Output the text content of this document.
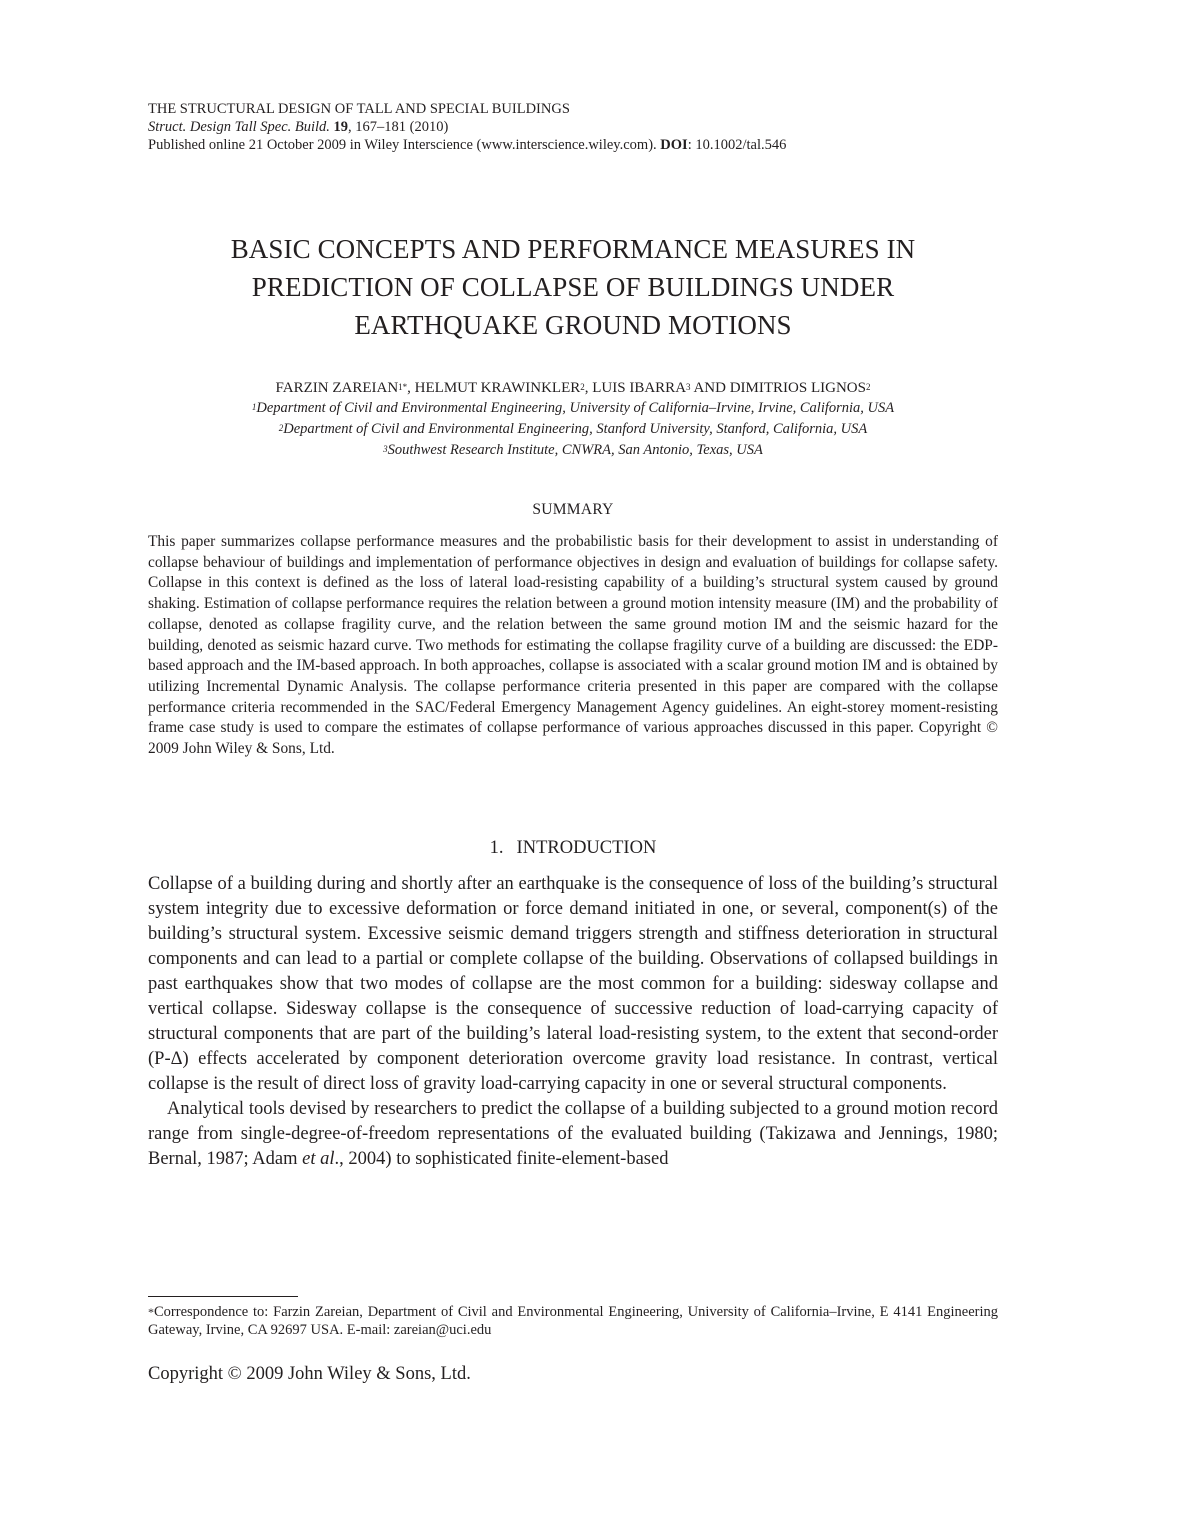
THE STRUCTURAL DESIGN OF TALL AND SPECIAL BUILDINGS
Struct. Design Tall Spec. Build. 19, 167–181 (2010)
Published online 21 October 2009 in Wiley Interscience (www.interscience.wiley.com). DOI: 10.1002/tal.546
BASIC CONCEPTS AND PERFORMANCE MEASURES IN
PREDICTION OF COLLAPSE OF BUILDINGS UNDER
EARTHQUAKE GROUND MOTIONS
FARZIN $ZAREIAN^{1*}$, HELMUT KRAWINKLER$^2$, LUIS IBARRA$^3$ AND DIMITRIOS LIGNOS$^2$
$^1$Department of Civil and Environmental Engineering, University of California–Irvine, Irvine, California, USA
$^2$Department of Civil and Environmental Engineering, Stanford University, Stanford, California, USA
$^3$Southwest Research Institute, CNWRA, San Antonio, Texas, USA
SUMMARY
This paper summarizes collapse performance measures and the probabilistic basis for their development to assist in understanding of collapse behaviour of buildings and implementation of performance objectives in design and evaluation of buildings for collapse safety. Collapse in this context is defined as the loss of lateral load-resisting capability of a building’s structural system caused by ground shaking. Estimation of collapse performance requires the relation between a ground motion intensity measure (IM) and the probability of collapse, denoted as collapse fragility curve, and the relation between the same ground motion IM and the seismic hazard for the building, denoted as seismic hazard curve. Two methods for estimating the collapse fragility curve of a building are discussed: the EDP-based approach and the IM-based approach. In both approaches, collapse is associated with a scalar ground motion IM and is obtained by utilizing Incremental Dynamic Analysis. The collapse performance criteria presented in this paper are compared with the collapse performance criteria recommended in the SAC/​Federal Emergency Management Agency guidelines. An eight-storey moment-resisting frame case study is used to compare the estimates of collapse performance of various approaches discussed in this paper. Copyright © 2009 John Wiley & Sons, Ltd.
1. INTRODUCTION

Collapse of a building during and shortly after an earthquake is the consequence of loss of the building’s structural system integrity due to excessive deformation or force demand initiated in one, or several, component(s) of the building’s structural system. Excessive seismic demand triggers strength and stiffness deterioration in structural components and can lead to a partial or complete collapse of the building. Observations of collapsed buildings in past earthquakes show that two modes of collapse are the most common for a building: sidesway collapse and vertical collapse. Sidesway collapse is the consequence of successive reduction of load-carrying capacity of structural components that are part of the building’s lateral load-resisting system, to the extent that second-order (P-Δ) effects accelerated by component deterioration overcome gravity load resistance. In contrast, vertical collapse is the result of direct loss of gravity load-carrying capacity in one or several structural components.

Analytical tools devised by researchers to predict the collapse of a building subjected to a ground motion record range from single-degree-of-freedom representations of the evaluated building (Takizawa and Jennings, 1980; Bernal, 1987; Adam et al., 2004) to sophisticated finite-element-based

*Correspondence to: Farzin Zareian, Department of Civil and Environmental Engineering, University of California–Irvine, E 4141 Engineering Gateway, Irvine, CA 92697 USA. E-mail: zareian@uci.edu
Copyright © 2009 John Wiley & Sons, Ltd.
